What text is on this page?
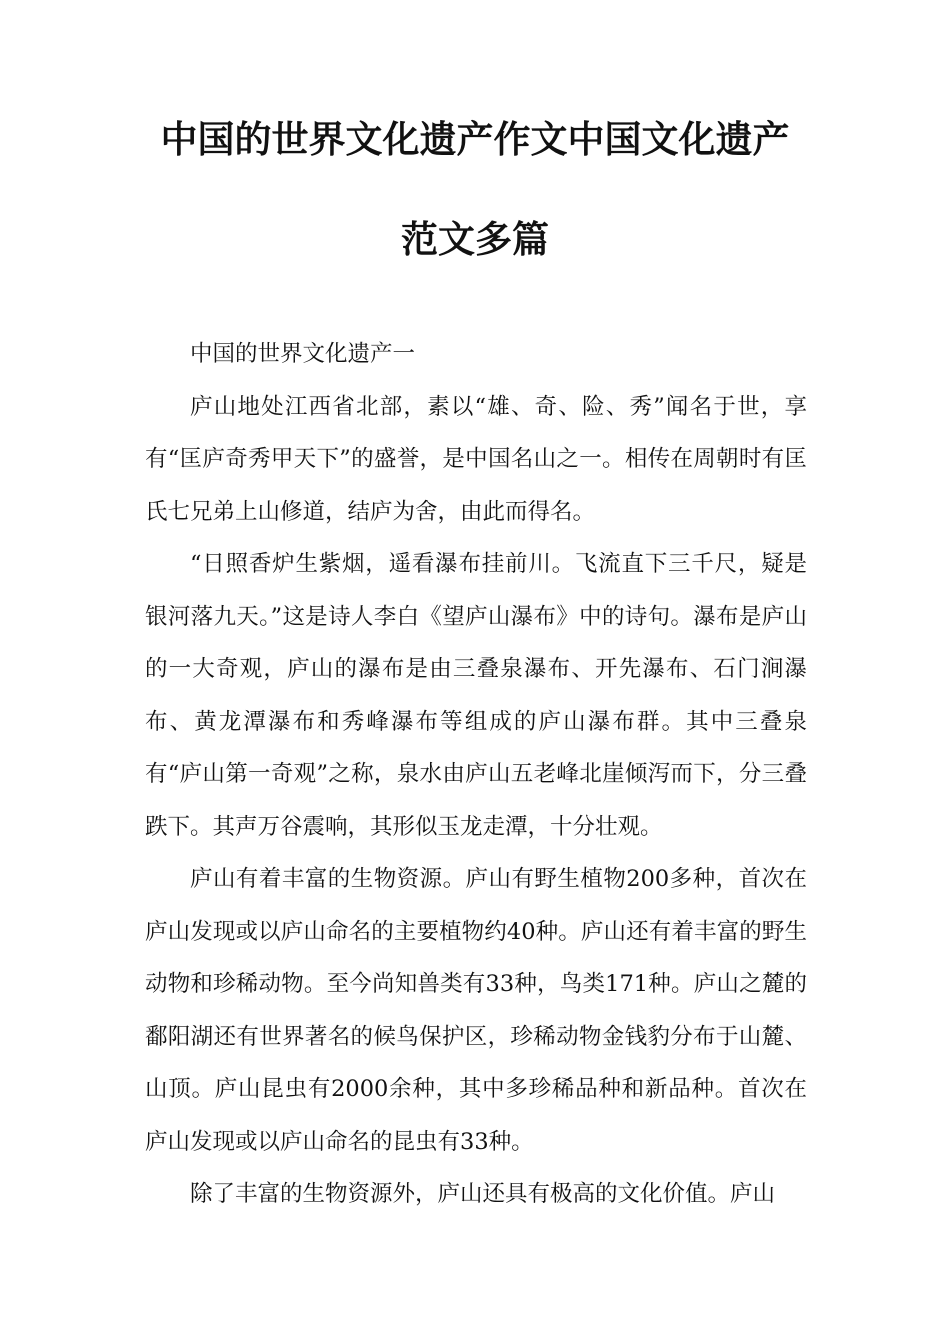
中国的世界文化遗产作文中国文化遗产
范文多篇

中国的世界文化遗产一

庐山地处江西省北部，素以“雄、奇、险、秀”闻名于世，享有“匡庐奇秀甲天下”的盛誉，是中国名山之一。相传在周朝时有匡氏七兄弟上山修道，结庐为舍，由此而得名。

“日照香炉生紫烟，遥看瀑布挂前川。飞流直下三千尺，疑是银河落九天。”这是诗人李白《望庐山瀑布》中的诗句。瀑布是庐山的一大奇观，庐山的瀑布是由三叠泉瀑布、开先瀑布、石门涧瀑布、黄龙潭瀑布和秀峰瀑布等组成的庐山瀑布群。其中三叠泉有“庐山第一奇观”之称，泉水由庐山五老峰北崖倾泻而下，分三叠跌下。其声万谷震响，其形似玉龙走潭，十分壮观。

庐山有着丰富的生物资源。庐山有野生植物200多种，首次在庐山发现或以庐山命名的主要植物约40种。庐山还有着丰富的野生动物和珍稀动物。至今尚知兽类有33种，鸟类171种。庐山之麓的鄱阳湖还有世界著名的候鸟保护区，珍稀动物金钱豹分布于山麓、山顶。庐山昆虫有2000余种，其中多珍稀品种和新品种。首次在庐山发现或以庐山命名的昆虫有33种。

除了丰富的生物资源外，庐山还具有极高的文化价值。庐山
